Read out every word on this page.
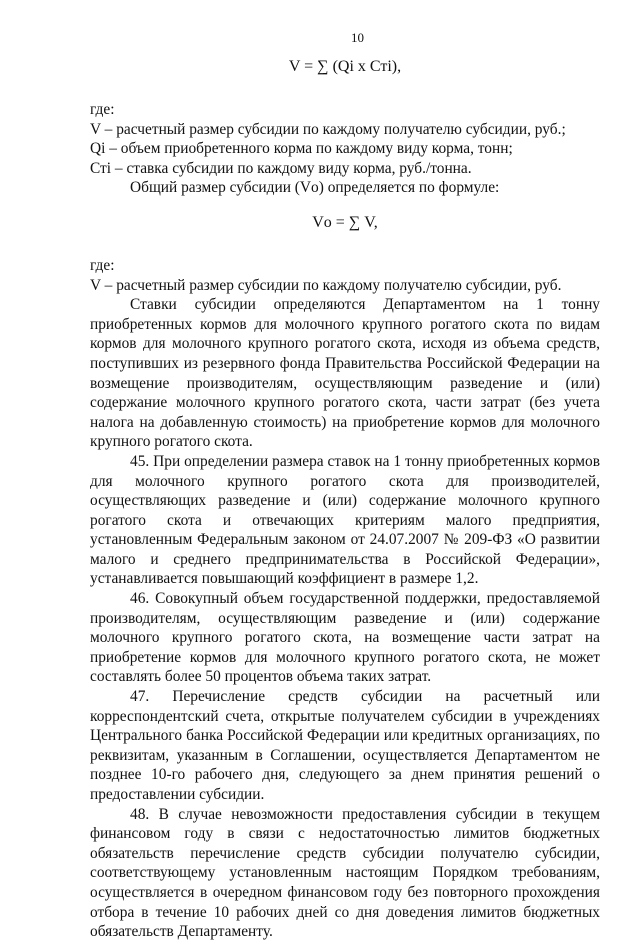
10

V = ∑ (Qi x Сті),

где:

V – расчетный размер субсидии по каждому получателю субсидии, руб.;

Qi – объем приобретенного корма по каждому виду корма, тонн;

Сті – ставка субсидии по каждому виду корма, руб./тонна.

Общий размер субсидии (Vо) определяется по формуле:

Vо = ∑ V,

где:

V – расчетный размер субсидии по каждому получателю субсидии, руб.

Ставки субсидии определяются Департаментом на 1 тонну приобретенных кормов для молочного крупного рогатого скота по видам кормов для молочного крупного рогатого скота, исходя из объема средств, поступивших из резервного фонда Правительства Российской Федерации на возмещение производителям, осуществляющим разведение и (или) содержание молочного крупного рогатого скота, части затрат (без учета налога на добавленную стоимость) на приобретение кормов для молочного крупного рогатого скота.

45. При определении размера ставок на 1 тонну приобретенных кормов для молочного крупного рогатого скота для производителей, осуществляющих разведение и (или) содержание молочного крупного рогатого скота и отвечающих критериям малого предприятия, установленным Федеральным законом от 24.07.2007 № 209-ФЗ «О развитии малого и среднего предпринимательства в Российской Федерации», устанавливается повышающий коэффициент в размере 1,2.

46. Совокупный объем государственной поддержки, предоставляемой производителям, осуществляющим разведение и (или) содержание молочного крупного рогатого скота, на возмещение части затрат на приобретение кормов для молочного крупного рогатого скота, не может составлять более 50 процентов объема таких затрат.

47. Перечисление средств субсидии на расчетный или корреспондентский счета, открытые получателем субсидии в учреждениях Центрального банка Российской Федерации или кредитных организациях, по реквизитам, указанным в Соглашении, осуществляется Департаментом не позднее 10-го рабочего дня, следующего за днем принятия решений о предоставлении субсидии.

48. В случае невозможности предоставления субсидии в текущем финансовом году в связи с недостаточностью лимитов бюджетных обязательств перечисление средств субсидии получателю субсидии, соответствующему установленным настоящим Порядком требованиям, осуществляется в очередном финансовом году без повторного прохождения отбора в течение 10 рабочих дней со дня доведения лимитов бюджетных обязательств Департаменту.
